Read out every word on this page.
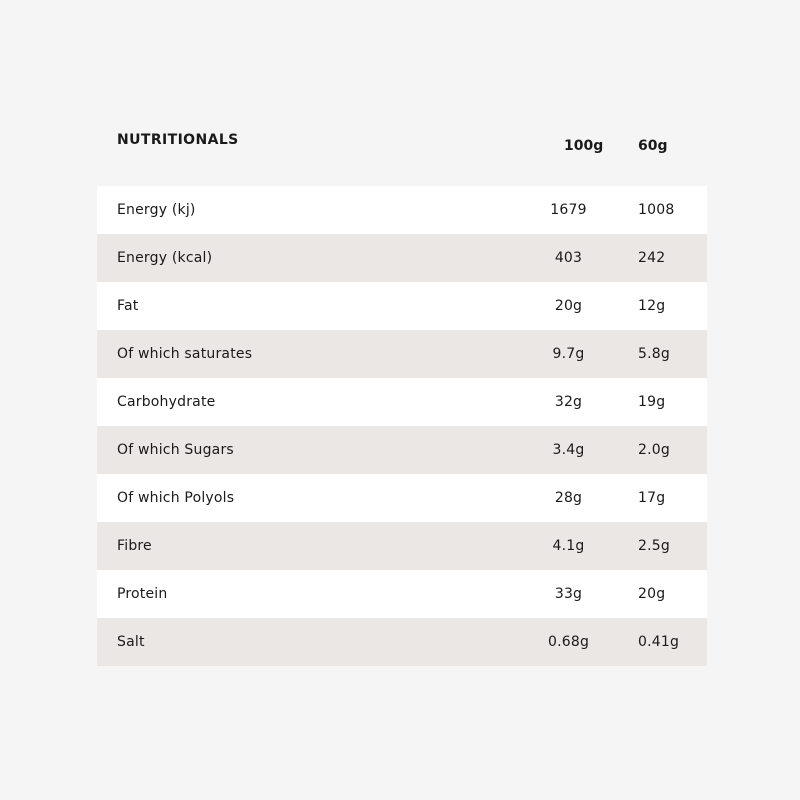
NUTRITIONALS	100g 60g
Energy (kj)	1679	1008
Energy (kcal)	403	242
Fat	20g	12g
Of which saturates	9.7g	5.8g
Carbohydrate	32g	19g
Of which Sugars	3.4g	2.0g
Of which Polyols	28g	17g
Fibre	4.1g	2.5g
Protein	33g	20g
Salt	0.68g	0.41g
